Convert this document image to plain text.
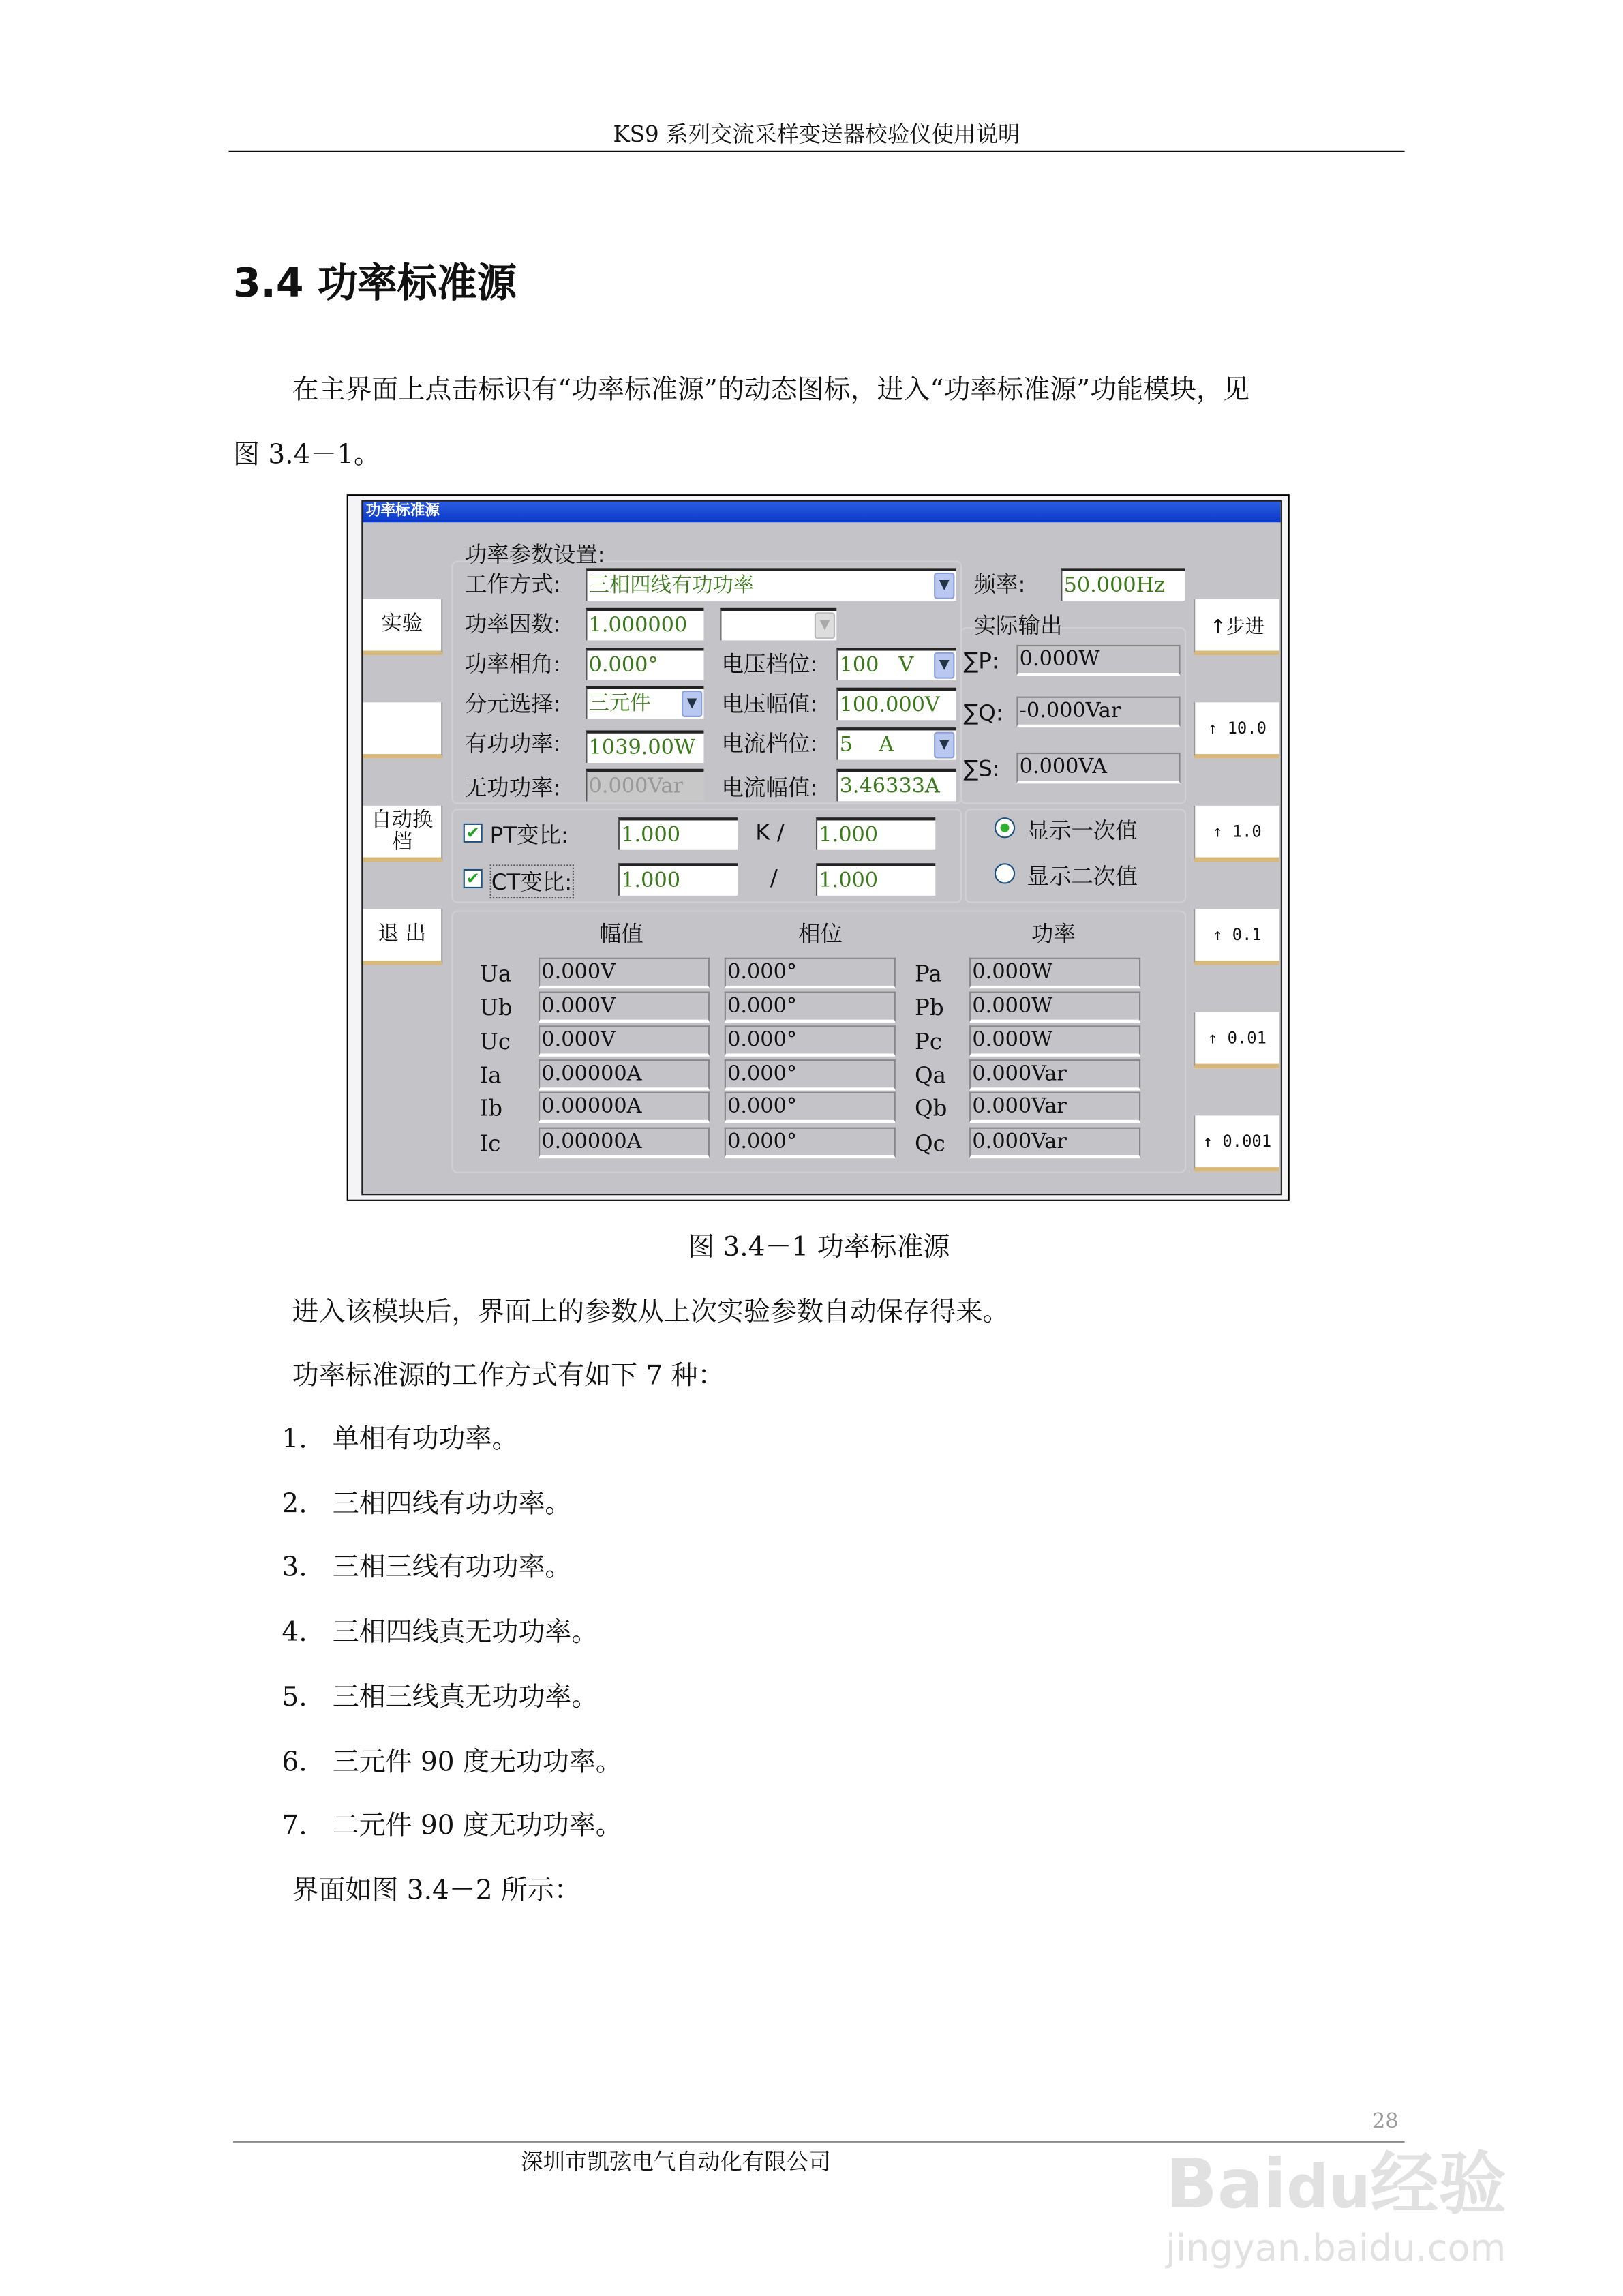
KS9 系列交流采样变送器校验仪使用说明
3.4 功率标准源
在主界面上点击标识有“功率标准源”的动态图标，进入“功率标准源”功能模块，见
图 3.4－1。
功率标准源
实验
自动换档
退 出
↑步进
↑ 10.0
↑ 1.0
↑ 0.1
↑ 0.01
↑ 0.001
功率参数设置:
工作方式:	三相四线有功功率	▼	频率:	50.000Hz
功率因数:	1.000000	▼	实际输出
功率相角:	0.000°	电压档位:	100   V	▼	∑P:	0.000W
分元选择:	三元件	▼	电压幅值:	100.000V	∑Q:	-0.000Var
有功功率:	1039.00W	电流档位:	5    A	▼
无功功率:	0.000Var	电流幅值:	3.46333A
∑S:	0.000VA
✔ PT变比:	1.000	K /	1.000
✔ CT变比:	1.000	/	1.000
显示一次值
显示二次值
幅值	相位	功率
Ua	0.000V	0.000°	Pa	0.000W
Ub	0.000V	0.000°	Pb	0.000W
Uc	0.000V	0.000°	Pc	0.000W
Ia	0.00000A	0.000°	Qa	0.000Var
Ib	0.00000A	0.000°	Qb	0.000Var
Ic	0.00000A	0.000°	Qc	0.000Var
图 3.4－1 功率标准源
进入该模块后，界面上的参数从上次实验参数自动保存得来。
功率标准源的工作方式有如下 7 种：
1.   单相有功功率。
2.   三相四线有功功率。
3.   三相三线有功功率。
4.   三相四线真无功功率。
5.   三相三线真无功功率。
6.   三元件 90 度无功功率。
7.   二元件 90 度无功功率。
界面如图 3.4－2 所示：
28
深圳市凯弦电气自动化有限公司	Baidu经验
jingyan.baidu.com
